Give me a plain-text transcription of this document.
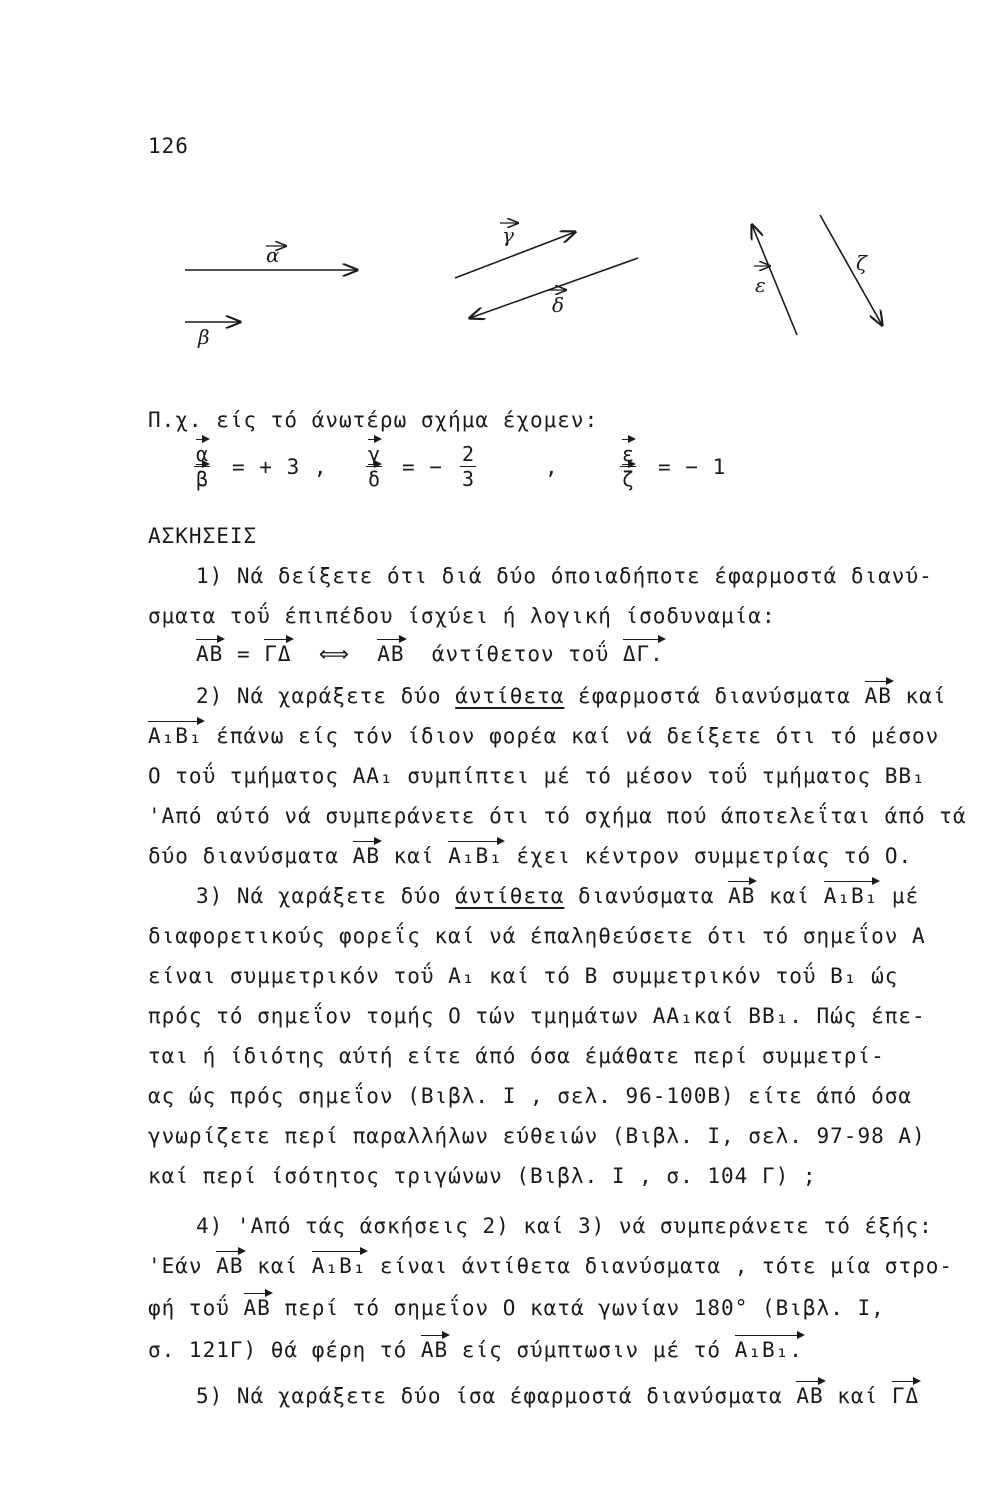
126
α
β
γ
δ
ε
ζ
Π.χ. είς τό άνωτέρω σχήμα έχομεν:
$\frac{\alpha}{\beta}$ = + 3 , $\frac{\gamma}{\delta}$ = − $\frac{2}{3}$	,	$\frac{\varepsilon}{\zeta}$ = − 1
ΑΣΚΗΣΕΙΣ
1) Νά δείξετε ότι διά δύο όποιαδήποτε έφαρμοστά διανύ-
σματα τοΰ έπιπέδου ίσχύει ή λογική ίσοδυναμία:
AB = ΓΔ ⟺ AB άντίθετον τοΰ ΔΓ.
2) Νά χαράξετε δύο άντίθετα έφαρμοστά διανύσματα AB καί
A₁B₁ έπάνω είς τόν ίδιον φορέα καί νά δείξετε ότι τό μέσον
Ο τοΰ τμήματος ΑΑ₁ συμπίπτει μέ τό μέσον τοΰ τμήματος ΒΒ₁
'Από αύτό νά συμπεράνετε ότι τό σχήμα πού άποτελεΐται άπό τά
δύο διανύσματα AB καί A₁B₁ έχει κέντρον συμμετρίας τό Ο.
3) Νά χαράξετε δύο άντίθετα διανύσματα AB καί A₁B₁ μέ
διαφορετικούς φορεΐς καί νά έπαληθεύσετε ότι τό σημεΐον Α
είναι συμμετρικόν τοΰ Α₁ καί τό Β συμμετρικόν τοΰ Β₁ ώς
πρός τό σημεΐον τομής Ο τών τμημάτων ΑΑ₁καί ΒΒ₁. Πώς έπε-
ται ή ίδιότης αύτή είτε άπό όσα έμάθατε περί συμμετρί-
ας ώς πρός σημεΐον (Βιβλ. Ι , σελ. 96-100Β) είτε άπό όσα
γνωρίζετε περί παραλλήλων εύθειών (Βιβλ. Ι, σελ. 97-98 Α)
καί περί ίσότητος τριγώνων (Βιβλ. Ι , σ. 104 Γ) ;
4) 'Από τάς άσκήσεις 2) καί 3) νά συμπεράνετε τό έξής:
'Εάν AB καί A₁B₁ είναι άντίθετα διανύσματα , τότε μία στρο-
φή τοΰ AB περί τό σημεΐον Ο κατά γωνίαν 180° (Βιβλ. Ι,
σ. 121Γ) θά φέρη τό AB είς σύμπτωσιν μέ τό A₁B₁.
5) Νά χαράξετε δύο ίσα έφαρμοστά διανύσματα AB καί ΓΔ
